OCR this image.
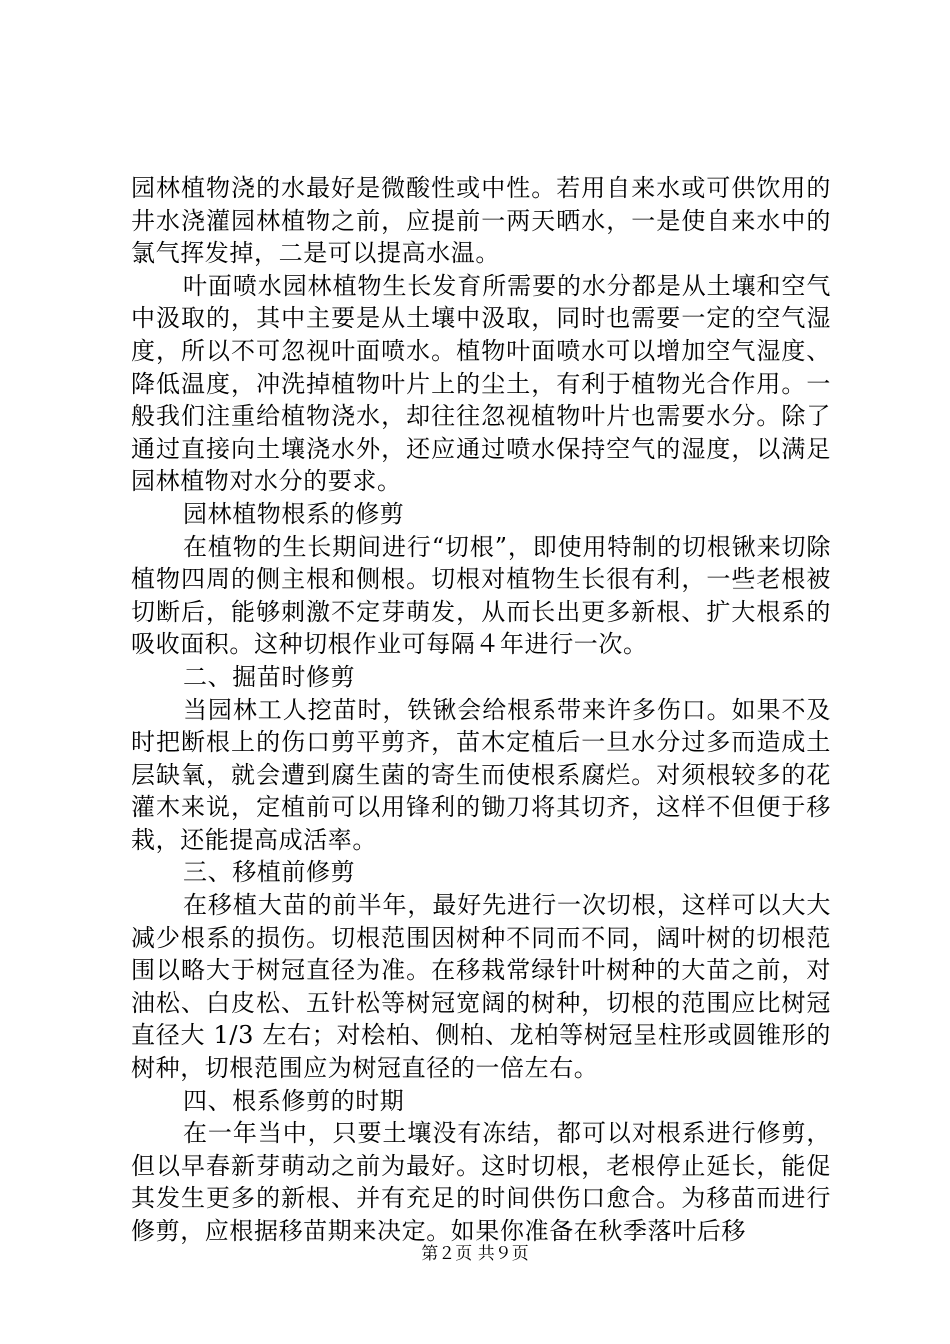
园林植物浇的水最好是微酸性或中性。若用自来水或可供饮用的井水浇灌园林植物之前，应提前一两天晒水，一是使自来水中的氯气挥发掉，二是可以提高水温。

叶面喷水园林植物生长发育所需要的水分都是从土壤和空气中汲取的，其中主要是从土壤中汲取，同时也需要一定的空气湿度，所以不可忽视叶面喷水。植物叶面喷水可以增加空气湿度、降低温度，冲洗掉植物叶片上的尘土，有利于植物光合作用。一般我们注重给植物浇水，却往往忽视植物叶片也需要水分。除了通过直接向土壤浇水外，还应通过喷水保持空气的湿度，以满足园林植物对水分的要求。

园林植物根系的修剪

在植物的生长期间进行“切根”，即使用特制的切根锹来切除植物四周的侧主根和侧根。切根对植物生长很有利，一些老根被切断后，能够刺激不定芽萌发，从而长出更多新根、扩大根系的吸收面积。这种切根作业可每隔４年进行一次。

二、掘苗时修剪

当园林工人挖苗时，铁锹会给根系带来许多伤口。如果不及时把断根上的伤口剪平剪齐，苗木定植后一旦水分过多而造成土层缺氧，就会遭到腐生菌的寄生而使根系腐烂。对须根较多的花灌木来说，定植前可以用锋利的锄刀将其切齐，这样不但便于移栽，还能提高成活率。

三、移植前修剪

在移植大苗的前半年，最好先进行一次切根，这样可以大大减少根系的损伤。切根范围因树种不同而不同，阔叶树的切根范围以略大于树冠直径为准。在移栽常绿针叶树种的大苗之前，对油松、白皮松、五针松等树冠宽阔的树种，切根的范围应比树冠直径大 1/3 左右；对桧柏、侧柏、龙柏等树冠呈柱形或圆锥形的树种，切根范围应为树冠直径的一倍左右。

四、根系修剪的时期

在一年当中，只要土壤没有冻结，都可以对根系进行修剪，但以早春新芽萌动之前为最好。这时切根，老根停止延长，能促其发生更多的新根、并有充足的时间供伤口愈合。为移苗而进行修剪，应根据移苗期来决定。如果你准备在秋季落叶后移

第２页 共９页
